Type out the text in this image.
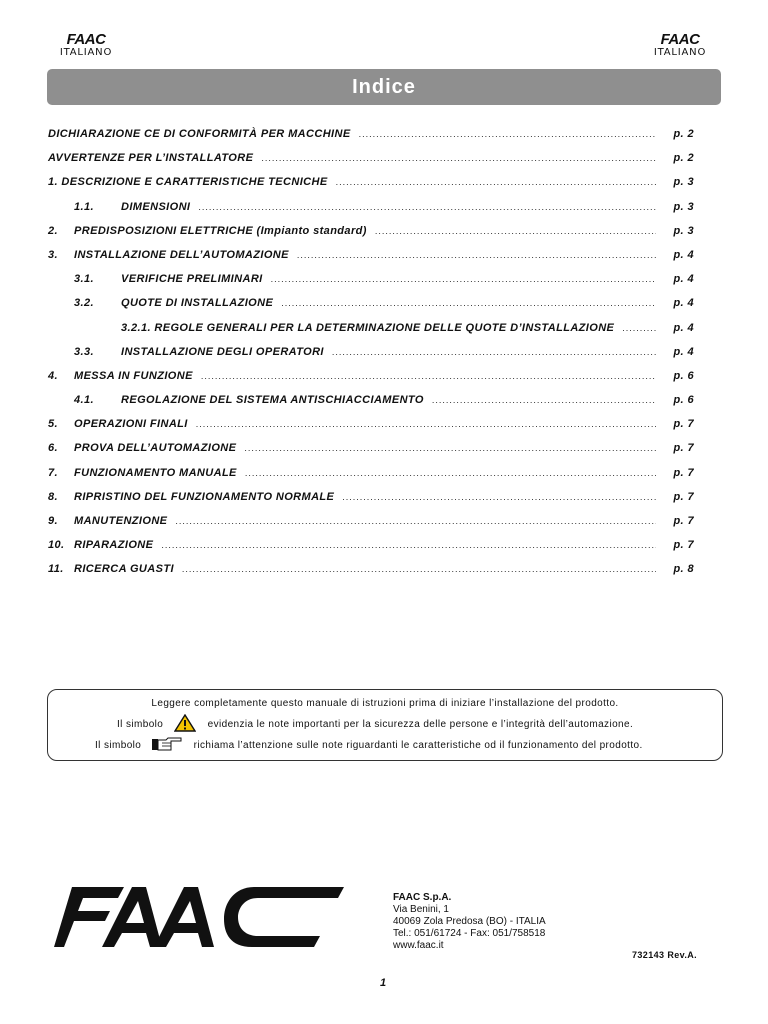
FAAC
ITALIANO
FAAC
ITALIANO
Indice
DICHIARAZIONE CE DI CONFORMITÀ PER MACCHINE .....	p. 2
AVVERTENZE PER L’INSTALLATORE .....	p. 2
1. DESCRIZIONE E CARATTERISTICHE TECNICHE .....	p. 3
1.1.	DIMENSIONI .....	p. 3
2.	PREDISPOSIZIONI ELETTRICHE (Impianto standard) .....	p. 3
3.	INSTALLAZIONE DELL’AUTOMAZIONE .....	p. 4
3.1.	VERIFICHE PRELIMINARI .....	p. 4
3.2.	QUOTE DI INSTALLAZIONE .....	p. 4
3.2.1. REGOLE GENERALI PER LA DETERMINAZIONE DELLE QUOTE D’INSTALLAZIONE .....	p. 4
3.3.	INSTALLAZIONE DEGLI OPERATORI .....	p. 4
4.	MESSA IN FUNZIONE .....	p. 6
4.1.	REGOLAZIONE DEL SISTEMA ANTISCHIACCIAMENTO .....	p. 6
5.	OPERAZIONI FINALI .....	p. 7
6.	PROVA DELL’AUTOMAZIONE .....	p. 7
7.	FUNZIONAMENTO MANUALE .....	p. 7
8.	RIPRISTINO DEL FUNZIONAMENTO NORMALE .....	p. 7
9.	MANUTENZIONE .....	p. 7
10. RIPARAZIONE .....	p. 7
11. RICERCA GUASTI .....	p. 8
Leggere completamente questo manuale di istruzioni prima di iniziare l’installazione del prodotto.
Il simbolo	evidenzia le note importanti per la sicurezza delle persone e l’integrità dell’automazione.
Il simbolo	richiama l’attenzione sulle note riguardanti le caratteristiche od il funzionamento del prodotto.
FAAC S.p.A.
Via Benini, 1
40069 Zola Predosa (BO) - ITALIA
Tel.: 051/61724 - Fax: 051/758518
www.faac.it
732143 Rev.A.
1
